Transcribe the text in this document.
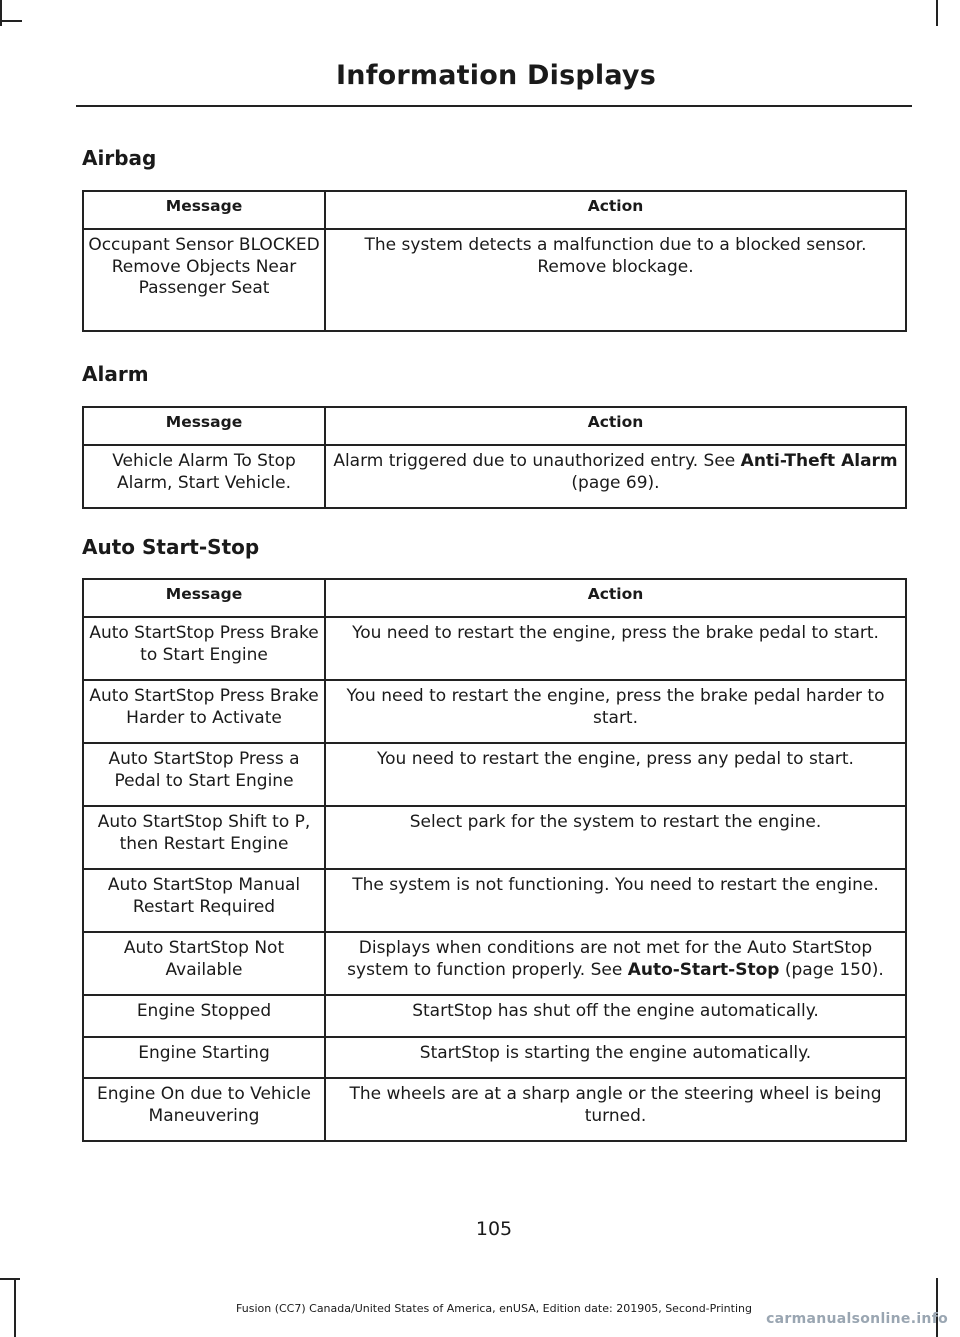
Information Displays
Airbag
Message	Action
Occupant Sensor BLOCKED Remove Objects Near Passenger Seat	The system detects a malfunction due to a blocked sensor. Remove blockage.
Alarm
Message	Action
Vehicle Alarm To Stop Alarm, Start Vehicle.	Alarm triggered due to unauthorized entry. See Anti-Theft Alarm (page 69).
Auto Start-Stop
Message	Action
Auto StartStop Press Brake to Start Engine	You need to restart the engine, press the brake pedal to start.
Auto StartStop Press Brake Harder to Activate	You need to restart the engine, press the brake pedal harder to start.
Auto StartStop Press a Pedal to Start Engine	You need to restart the engine, press any pedal to start.
Auto StartStop Shift to P, then Restart Engine	Select park for the system to restart the engine.
Auto StartStop Manual Restart Required	The system is not functioning. You need to restart the engine.
Auto StartStop Not Available	Displays when conditions are not met for the Auto StartStop system to function properly. See Auto-Start-Stop (page 150).
Engine Stopped	StartStop has shut off the engine automatically.
Engine Starting	StartStop is starting the engine automatically.
Engine On due to Vehicle Maneuvering	The wheels are at a sharp angle or the steering wheel is being turned.
105
Fusion (CC7) Canada/United States of America, enUSA, Edition date: 201905, Second-Printing
carmanualsonline.info
